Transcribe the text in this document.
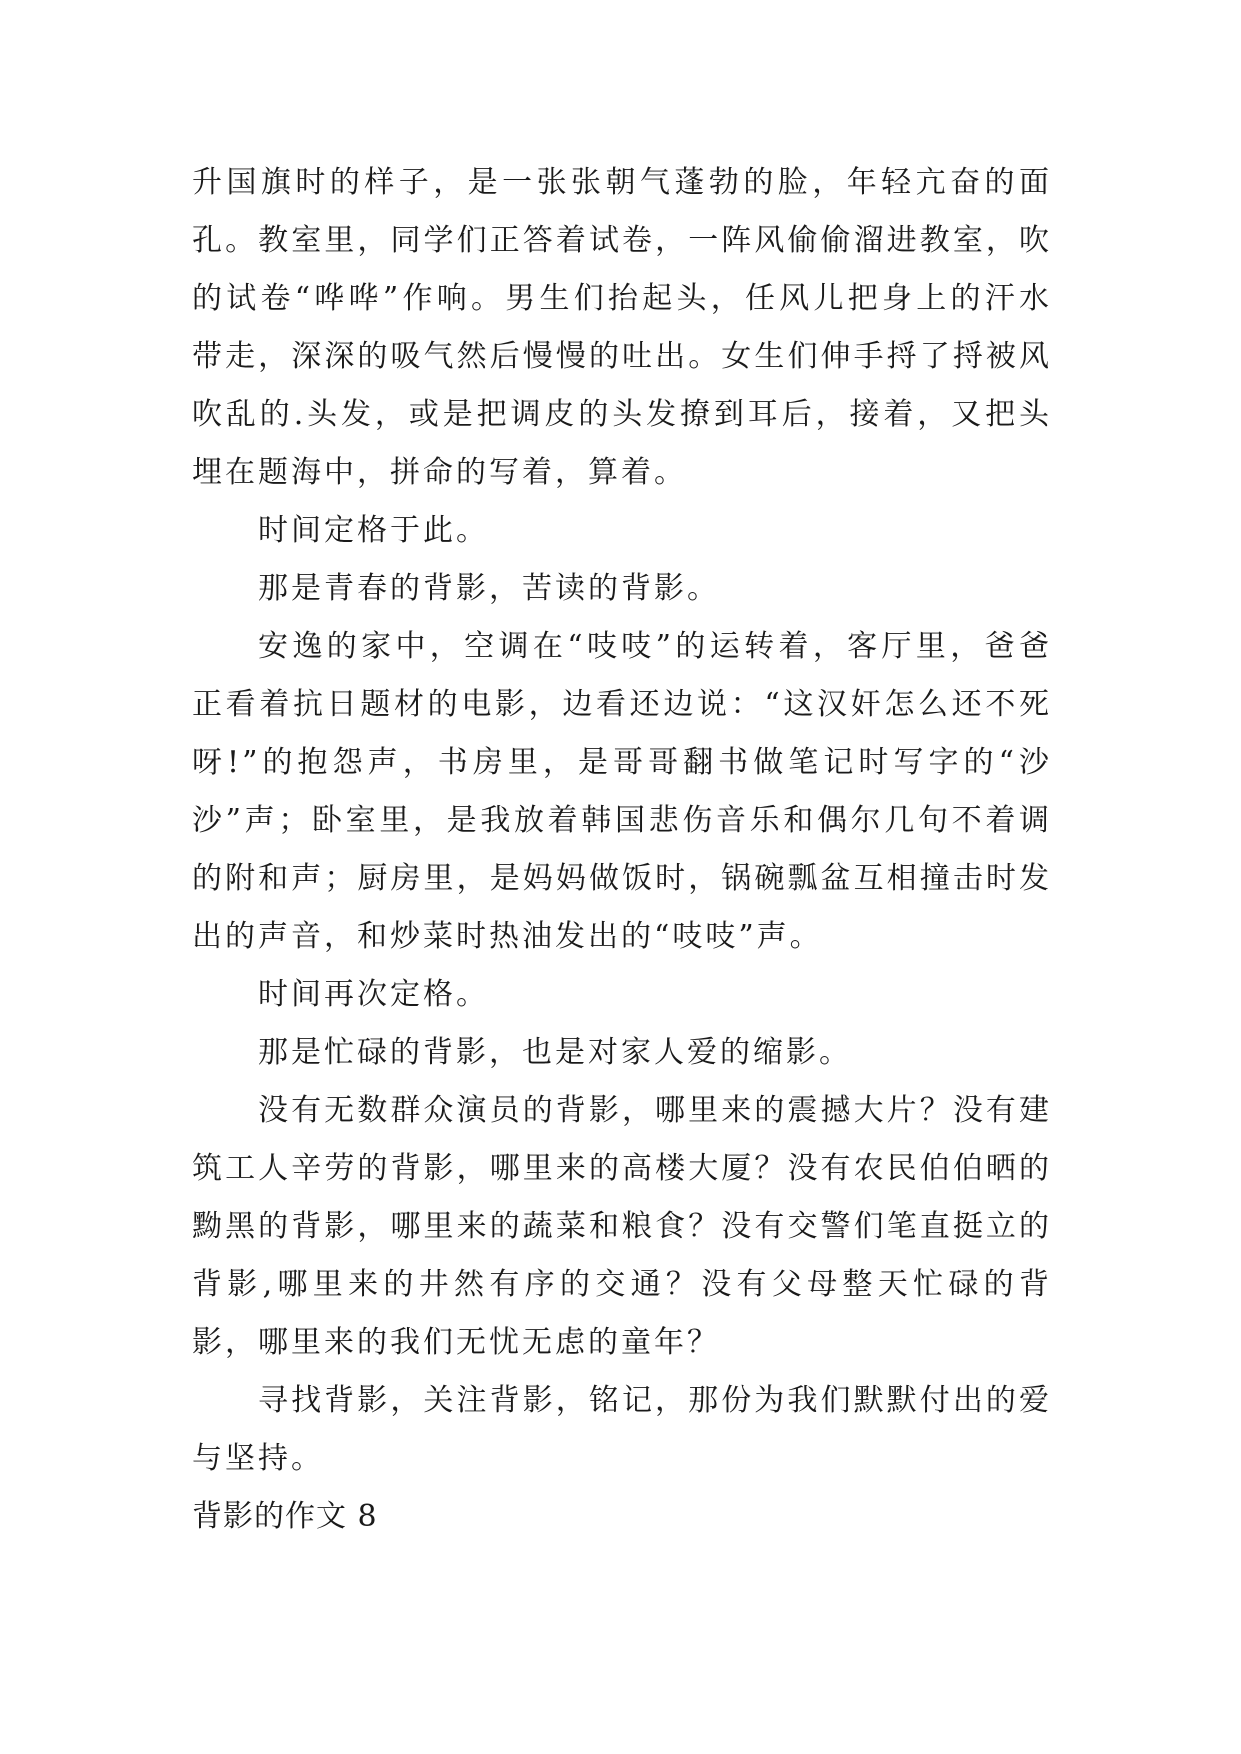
升国旗时的样子，是一张张朝气蓬勃的脸，年轻亢奋的面孔。教室里，同学们正答着试卷，一阵风偷偷溜进教室，吹的试卷“哗哗”作响。男生们抬起头，任风儿把身上的汗水带走，深深的吸气然后慢慢的吐出。女生们伸手捋了捋被风吹乱的.头发，或是把调皮的头发撩到耳后，接着，又把头埋在题海中，拼命的写着，算着。

时间定格于此。

那是青春的背影，苦读的背影。

安逸的家中，空调在“吱吱”的运转着，客厅里，爸爸正看着抗日题材的电影，边看还边说：“这汉奸怎么还不死呀!”的抱怨声，书房里，是哥哥翻书做笔记时写字的“沙沙”声；卧室里，是我放着韩国悲伤音乐和偶尔几句不着调的附和声；厨房里，是妈妈做饭时，锅碗瓢盆互相撞击时发出的声音，和炒菜时热油发出的“吱吱”声。

时间再次定格。

那是忙碌的背影，也是对家人爱的缩影。

没有无数群众演员的背影，哪里来的震撼大片？没有建筑工人辛劳的背影，哪里来的高楼大厦？没有农民伯伯晒的黝黑的背影，哪里来的蔬菜和粮食？没有交警们笔直挺立的背影,哪里来的井然有序的交通？没有父母整天忙碌的背影，哪里来的我们无忧无虑的童年？

寻找背影，关注背影，铭记，那份为我们默默付出的爱与坚持。

背影的作文 8
